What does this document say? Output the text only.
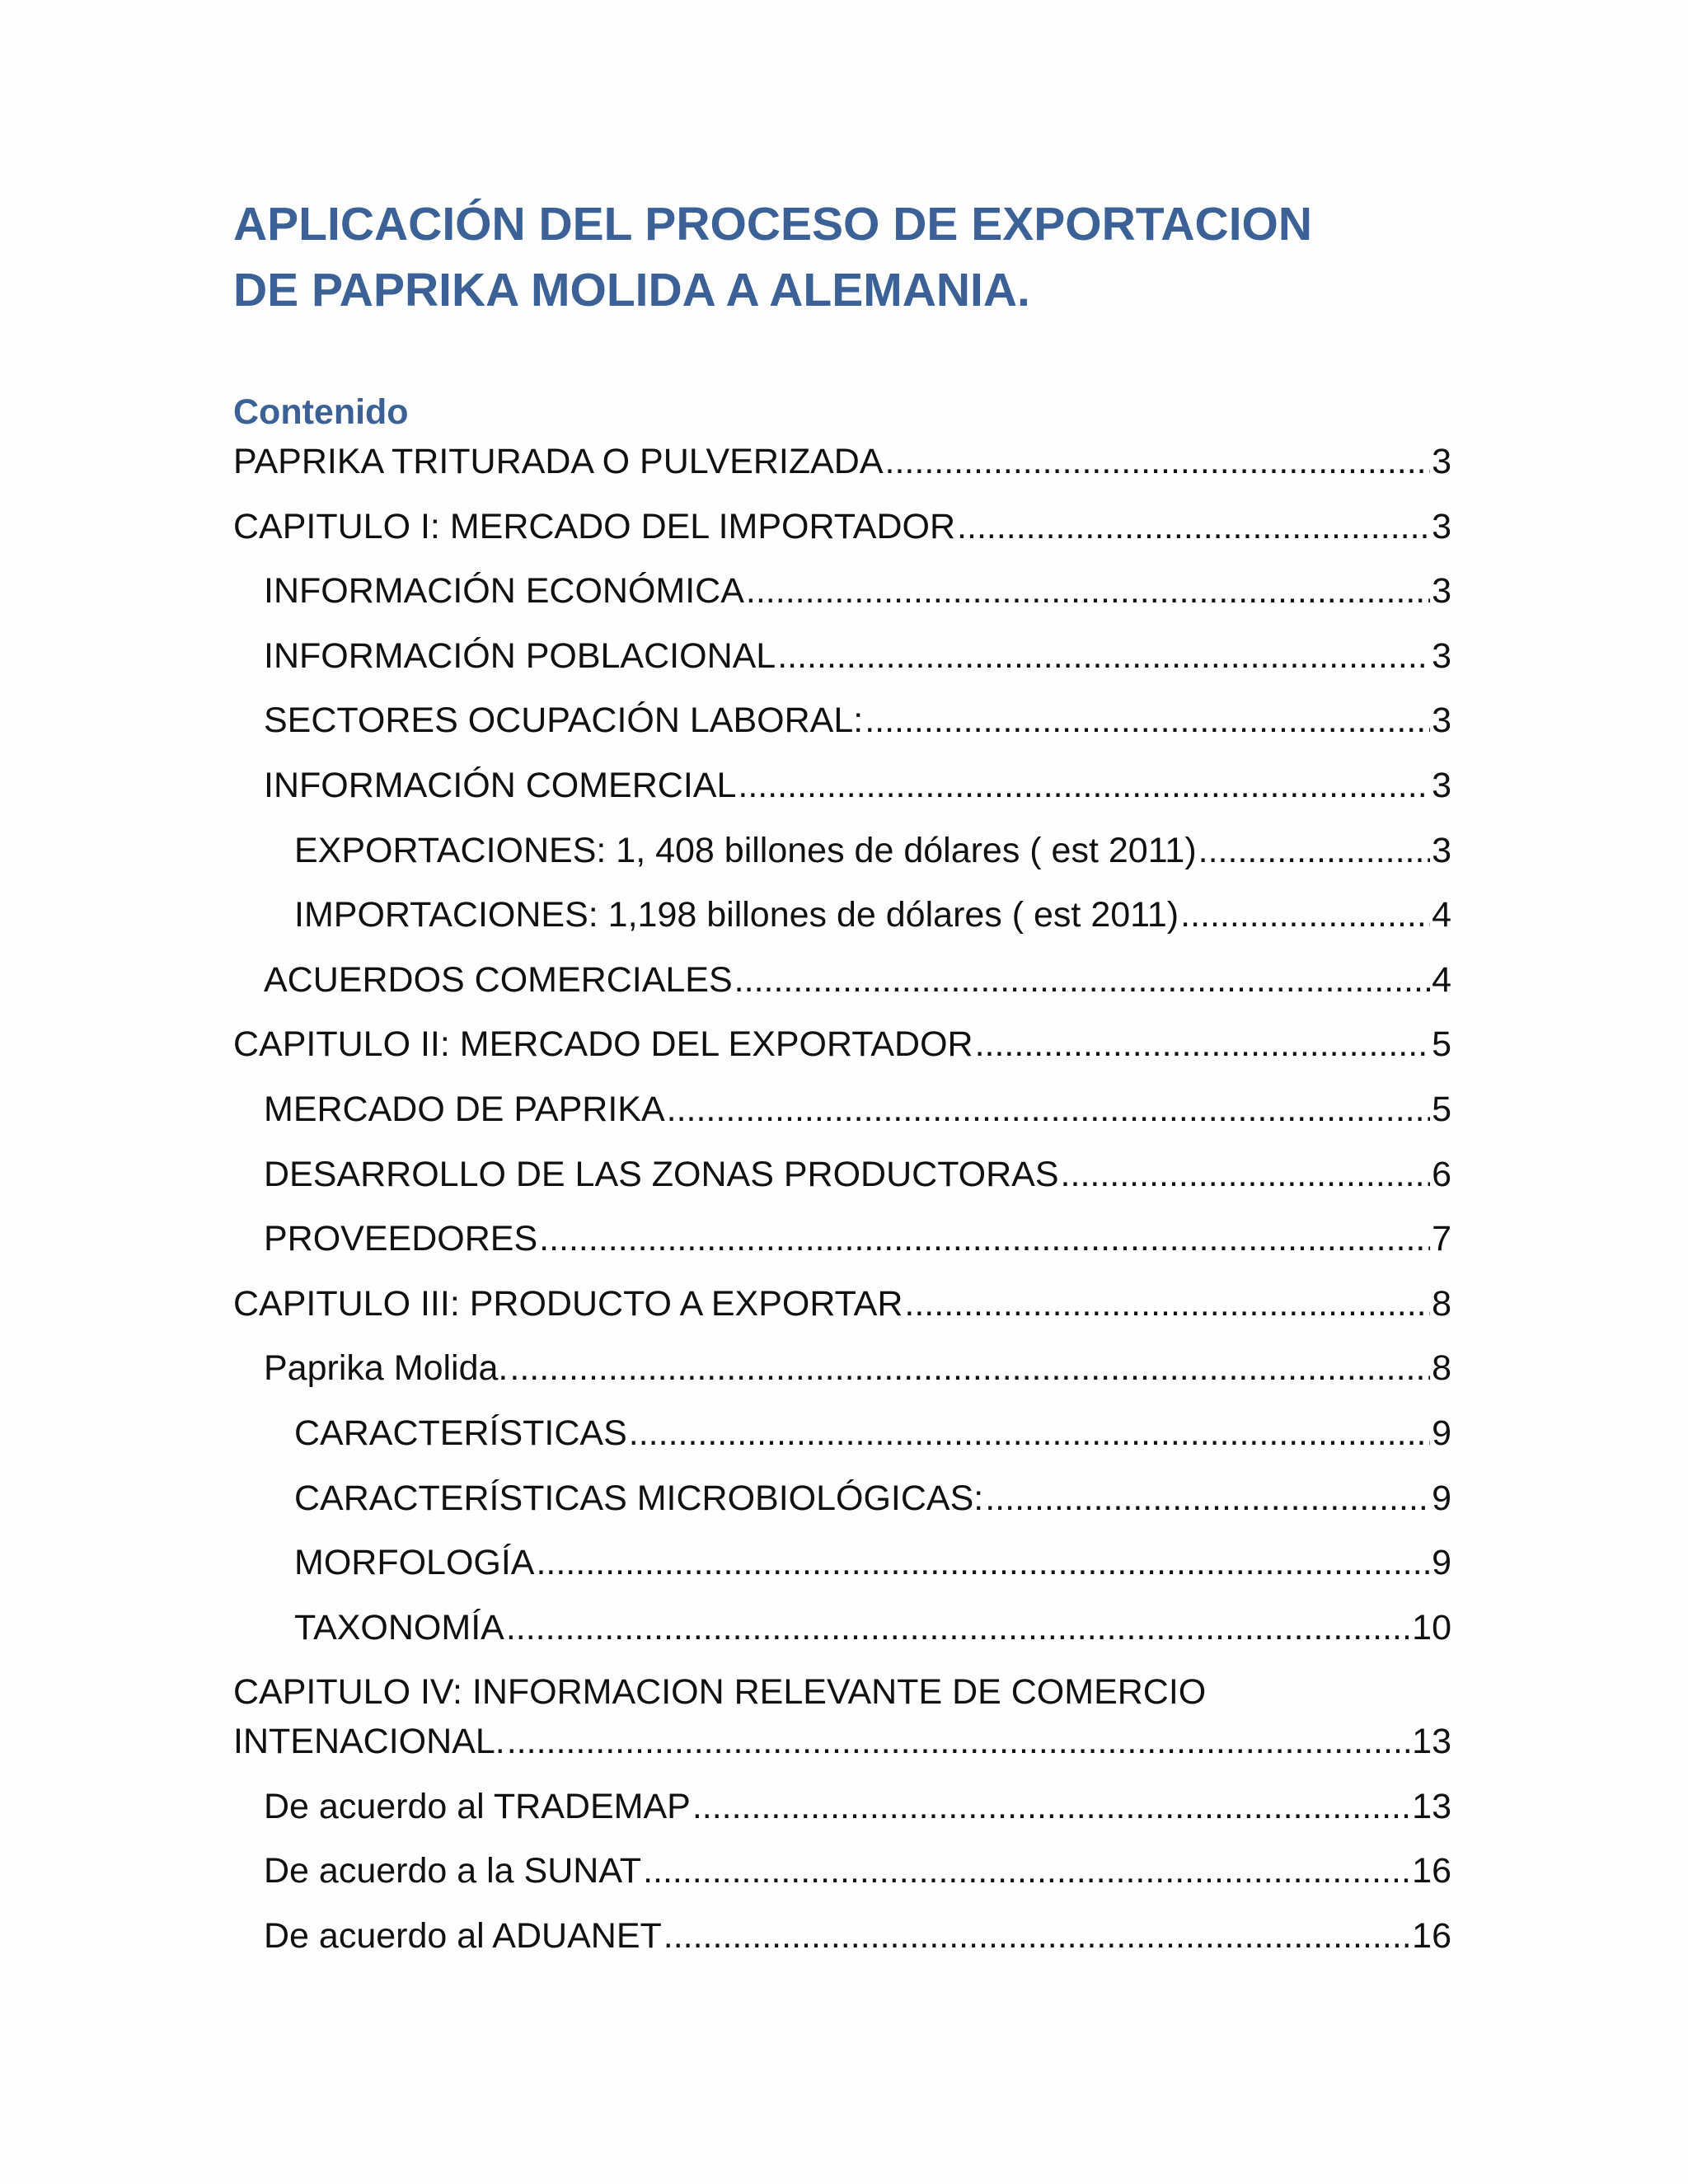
APLICACIÓN DEL PROCESO DE EXPORTACION
DE PAPRIKA MOLIDA A ALEMANIA.
Contenido
PAPRIKA TRITURADA O PULVERIZADA .....	3
CAPITULO I: MERCADO DEL IMPORTADOR .....	3
INFORMACIÓN ECONÓMICA .....	3
INFORMACIÓN POBLACIONAL .....	3
SECTORES OCUPACIÓN LABORAL: .....	3
INFORMACIÓN COMERCIAL .....	3
EXPORTACIONES: 1, 408 billones de dólares ( est 2011) .....	3
IMPORTACIONES: 1,198 billones de dólares ( est 2011) .....	4
ACUERDOS COMERCIALES .....	4
CAPITULO II: MERCADO DEL EXPORTADOR .....	5
MERCADO DE PAPRIKA .....	5
DESARROLLO DE LAS ZONAS PRODUCTORAS .....	6
PROVEEDORES .....	7
CAPITULO III: PRODUCTO A EXPORTAR .....	8
Paprika Molida. .....	8
CARACTERÍSTICAS .....	9
CARACTERÍSTICAS MICROBIOLÓGICAS: .....	9
MORFOLOGÍA .....	9
TAXONOMÍA .....	10
CAPITULO IV: INFORMACION RELEVANTE DE COMERCIO
INTENACIONAL. .....	13
De acuerdo al TRADEMAP .....	13
De acuerdo a la SUNAT .....	16
De acuerdo al ADUANET .....	16
